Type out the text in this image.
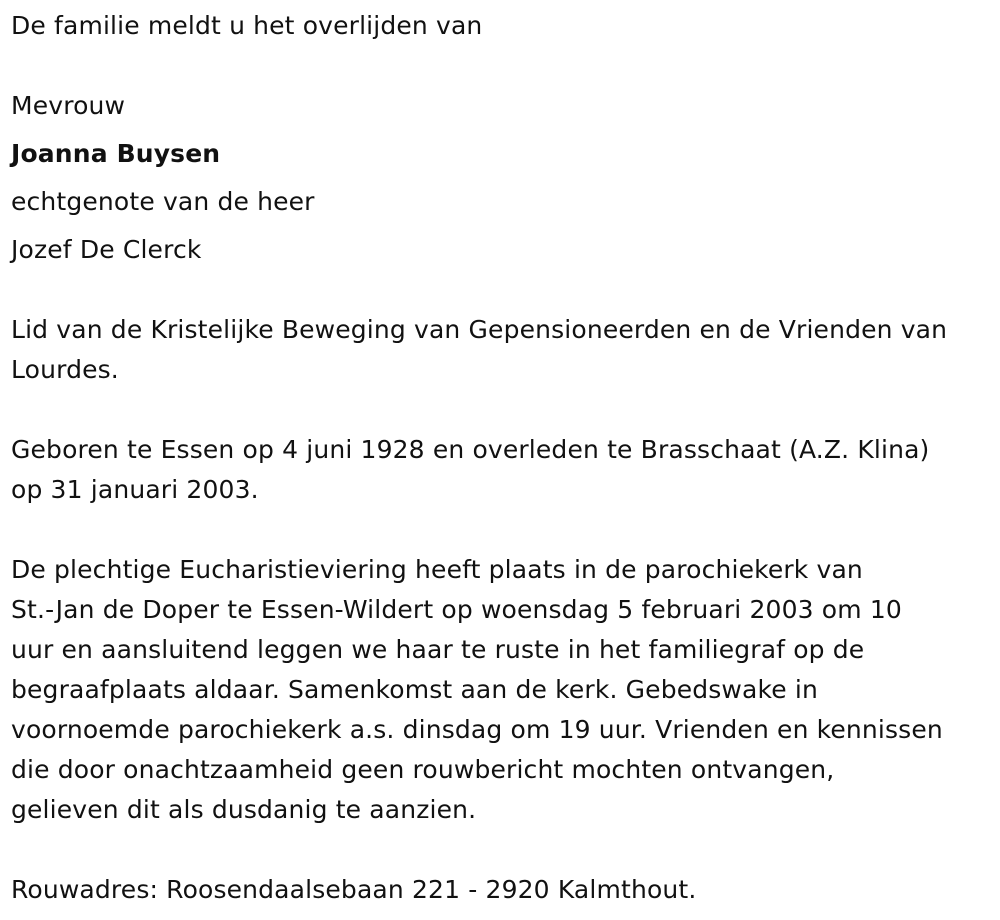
De familie meldt u het overlijden van

Mevrouw

Joanna Buysen

echtgenote van de heer

Jozef De Clerck

Lid van de Kristelijke Beweging van Gepensioneerden en de Vrienden van
Lourdes.
Geboren te Essen op 4 juni 1928 en overleden te Brasschaat (A.Z. Klina)
op 31 januari 2003.
De plechtige Eucharistieviering heeft plaats in de parochiekerk van
St.-Jan de Doper te Essen-Wildert op woensdag 5 februari 2003 om 10
uur en aansluitend leggen we haar te ruste in het familiegraf op de
begraafplaats aldaar. Samenkomst aan de kerk. Gebedswake in
voornoemde parochiekerk a.s. dinsdag om 19 uur. Vrienden en kennissen
die door onachtzaamheid geen rouwbericht mochten ontvangen,
gelieven dit als dusdanig te aanzien.

Rouwadres: Roosendaalsebaan 221 - 2920 Kalmthout.
